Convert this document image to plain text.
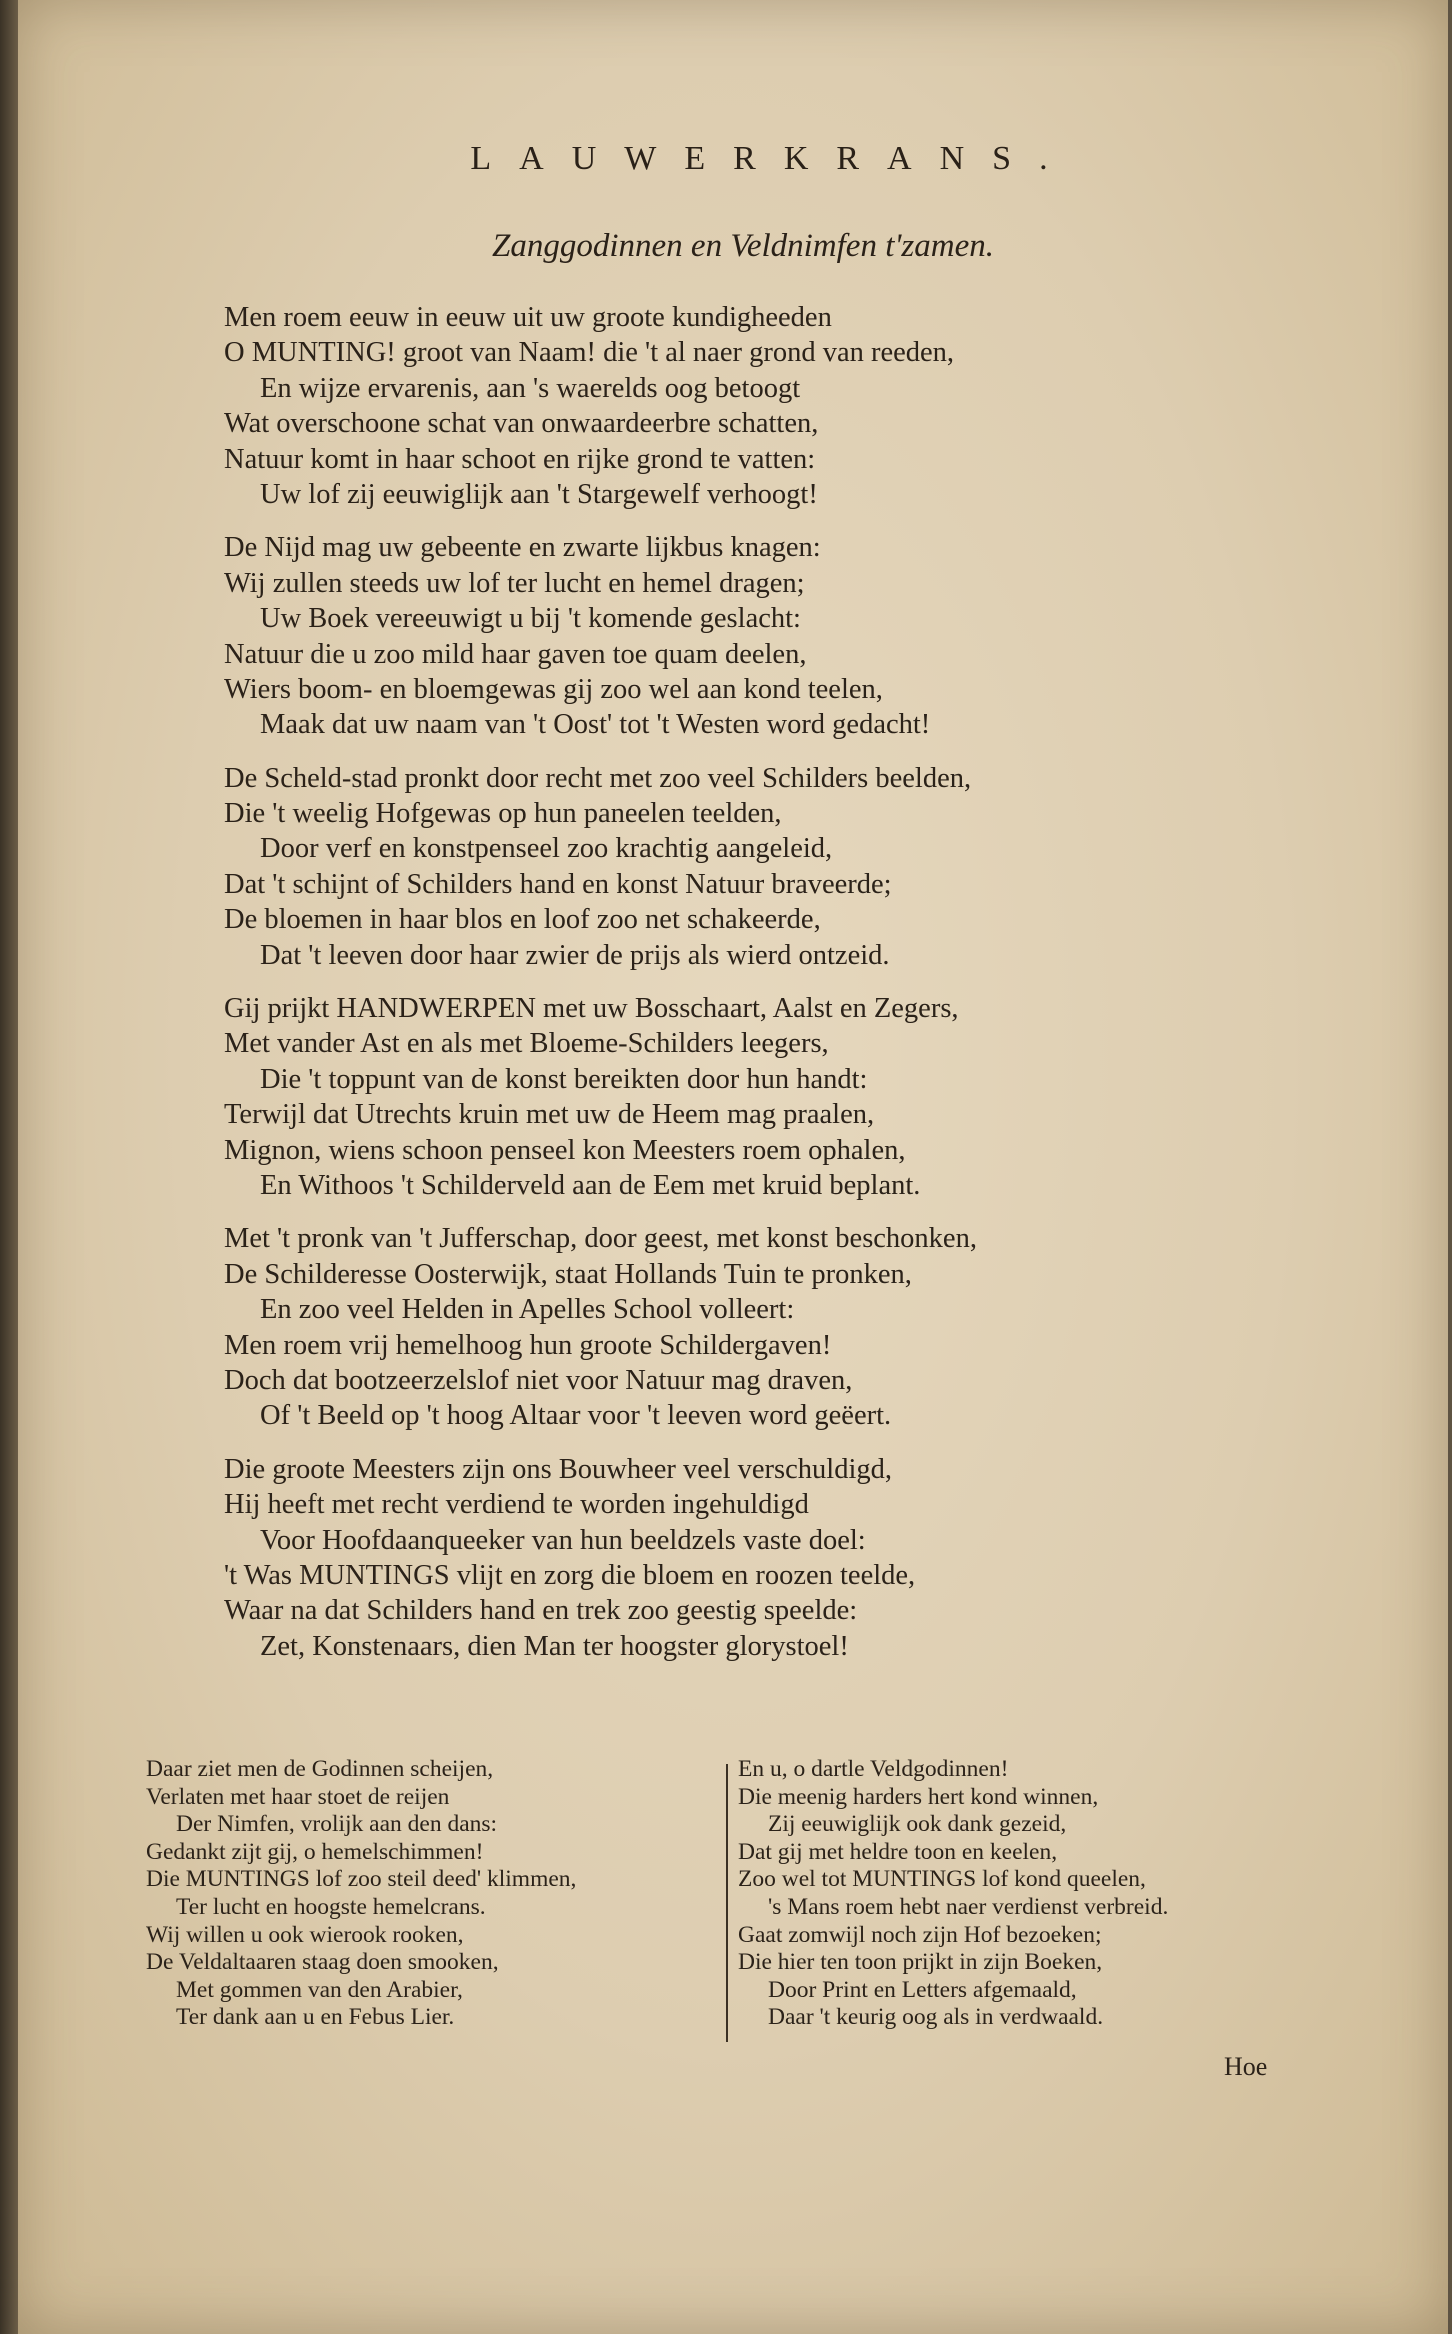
LAUWERKRANS.
Zanggodinnen en Veldnimfen t'zamen.
Men roem eeuw in eeuw uit uw groote kundigheeden
O MUNTING! groot van Naam! die 't al naer grond van reeden,
En wijze ervarenis, aan 's waerelds oog betoogt
Wat overschoone schat van onwaardeerbre schatten,
Natuur komt in haar schoot en rijke grond te vatten:
Uw lof zij eeuwiglijk aan 't Stargewelf verhoogt!
De Nijd mag uw gebeente en zwarte lijkbus knagen:
Wij zullen steeds uw lof ter lucht en hemel dragen;
Uw Boek vereeuwigt u bij 't komende geslacht:
Natuur die u zoo mild haar gaven toe quam deelen,
Wiers boom- en bloemgewas gij zoo wel aan kond teelen,
Maak dat uw naam van 't Oost' tot 't Westen word gedacht!
De Scheld-stad pronkt door recht met zoo veel Schilders beelden,
Die 't weelig Hofgewas op hun paneelen teelden,
Door verf en konstpenseel zoo krachtig aangeleid,
Dat 't schijnt of Schilders hand en konst Natuur braveerde;
De bloemen in haar blos en loof zoo net schakeerde,
Dat 't leeven door haar zwier de prijs als wierd ontzeid.
Gij prijkt HANDWERPEN met uw Bosschaart, Aalst en Zegers,
Met vander Ast en als met Bloeme-Schilders leegers,
Die 't toppunt van de konst bereikten door hun handt:
Terwijl dat Utrechts kruin met uw de Heem mag praalen,
Mignon, wiens schoon penseel kon Meesters roem ophalen,
En Withoos 't Schilderveld aan de Eem met kruid beplant.
Met 't pronk van 't Jufferschap, door geest, met konst beschonken,
De Schilderesse Oosterwijk, staat Hollands Tuin te pronken,
En zoo veel Helden in Apelles School volleert:
Men roem vrij hemelhoog hun groote Schildergaven!
Doch dat bootzeerzelslof niet voor Natuur mag draven,
Of 't Beeld op 't hoog Altaar voor 't leeven word geëert.
Die groote Meesters zijn ons Bouwheer veel verschuldigd,
Hij heeft met recht verdiend te worden ingehuldigd
Voor Hoofdaanqueeker van hun beeldzels vaste doel:
't Was MUNTINGS vlijt en zorg die bloem en roozen teelde,
Waar na dat Schilders hand en trek zoo geestig speelde:
Zet, Konstenaars, dien Man ter hoogster glorystoel!
Daar ziet men de Godinnen scheijen,
Verlaten met haar stoet de reijen
Der Nimfen, vrolijk aan den dans:
Gedankt zijt gij, o hemelschimmen!
Die MUNTINGS lof zoo steil deed' klimmen,
Ter lucht en hoogste hemelcrans.
Wij willen u ook wierook rooken,
De Veldaltaaren staag doen smooken,
Met gommen van den Arabier,
Ter dank aan u en Febus Lier.
En u, o dartle Veldgodinnen!
Die meenig harders hert kond winnen,
Zij eeuwiglijk ook dank gezeid,
Dat gij met heldre toon en keelen,
Zoo wel tot MUNTINGS lof kond queelen,
's Mans roem hebt naer verdienst verbreid.
Gaat zomwijl noch zijn Hof bezoeken;
Die hier ten toon prijkt in zijn Boeken,
Door Print en Letters afgemaald,
Daar 't keurig oog als in verdwaald.
Hoe
